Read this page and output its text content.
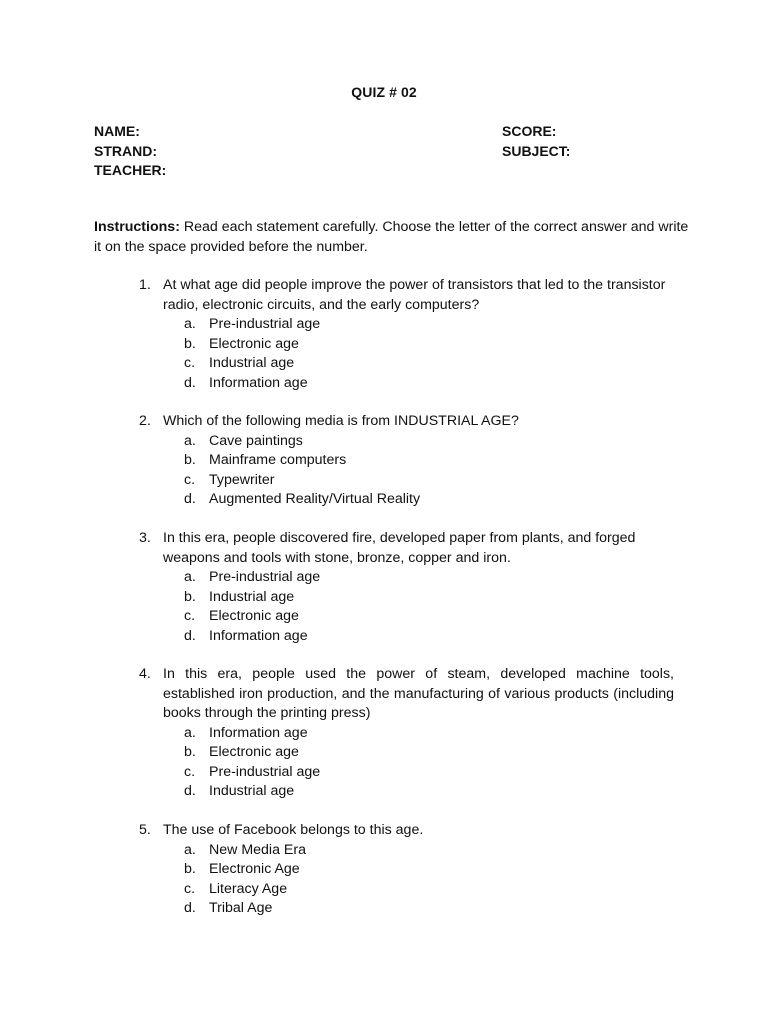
QUIZ # 02
NAME:
STRAND:
TEACHER:
SCORE:
SUBJECT:
Instructions: Read each statement carefully. Choose the letter of the correct answer and write it on the space provided before the number.
1. At what age did people improve the power of transistors that led to the transistor radio, electronic circuits, and the early computers?
a. Pre-industrial age
b. Electronic age
c. Industrial age
d. Information age
2. Which of the following media is from INDUSTRIAL AGE?
a. Cave paintings
b. Mainframe computers
c. Typewriter
d. Augmented Reality/Virtual Reality
3. In this era, people discovered fire, developed paper from plants, and forged weapons and tools with stone, bronze, copper and iron.
a. Pre-industrial age
b. Industrial age
c. Electronic age
d. Information age
4. In this era, people used the power of steam, developed machine tools, established iron production, and the manufacturing of various products (including books through the printing press)
a. Information age
b. Electronic age
c. Pre-industrial age
d. Industrial age
5. The use of Facebook belongs to this age.
a. New Media Era
b. Electronic Age
c. Literacy Age
d. Tribal Age
